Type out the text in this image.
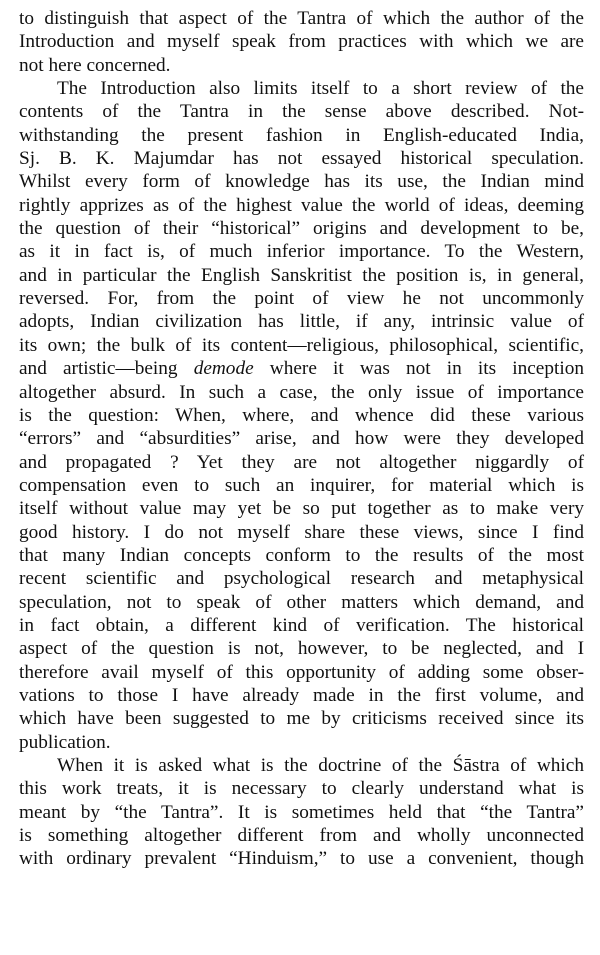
to distinguish that aspect of the Tantra of which the author of the
Introduction and myself speak from practices with which we are
not here concerned.
The Introduction also limits itself to a short review of the
contents of the Tantra in the sense above described. Not-
withstanding the present fashion in English-educated India,
Sj. B. K. Majumdar has not essayed historical speculation.
Whilst every form of knowledge has its use, the Indian mind
rightly apprizes as of the highest value the world of ideas, deeming
the question of their “historical” origins and development to be,
as it in fact is, of much inferior importance. To the Western,
and in particular the English Sanskritist the position is, in general,
reversed. For, from the point of view he not uncommonly
adopts, Indian civilization has little, if any, intrinsic value of
its own; the bulk of its content—religious, philosophical, scientific,
and artistic—being demode where it was not in its inception
altogether absurd. In such a case, the only issue of importance
is the question: When, where, and whence did these various
“errors” and “absurdities” arise, and how were they developed
and propagated ? Yet they are not altogether niggardly of
compensation even to such an inquirer, for material which is
itself without value may yet be so put together as to make very
good history. I do not myself share these views, since I find
that many Indian concepts conform to the results of the most
recent scientific and psychological research and metaphysical
speculation, not to speak of other matters which demand, and
in fact obtain, a different kind of verification. The historical
aspect of the question is not, however, to be neglected, and I
therefore avail myself of this opportunity of adding some obser-
vations to those I have already made in the first volume, and
which have been suggested to me by criticisms received since its
publication.
When it is asked what is the doctrine of the Śāstra of which
this work treats, it is necessary to clearly understand what is
meant by “the Tantra”. It is sometimes held that “the Tantra”
is something altogether different from and wholly unconnected
with ordinary prevalent “Hinduism,” to use a convenient, though
